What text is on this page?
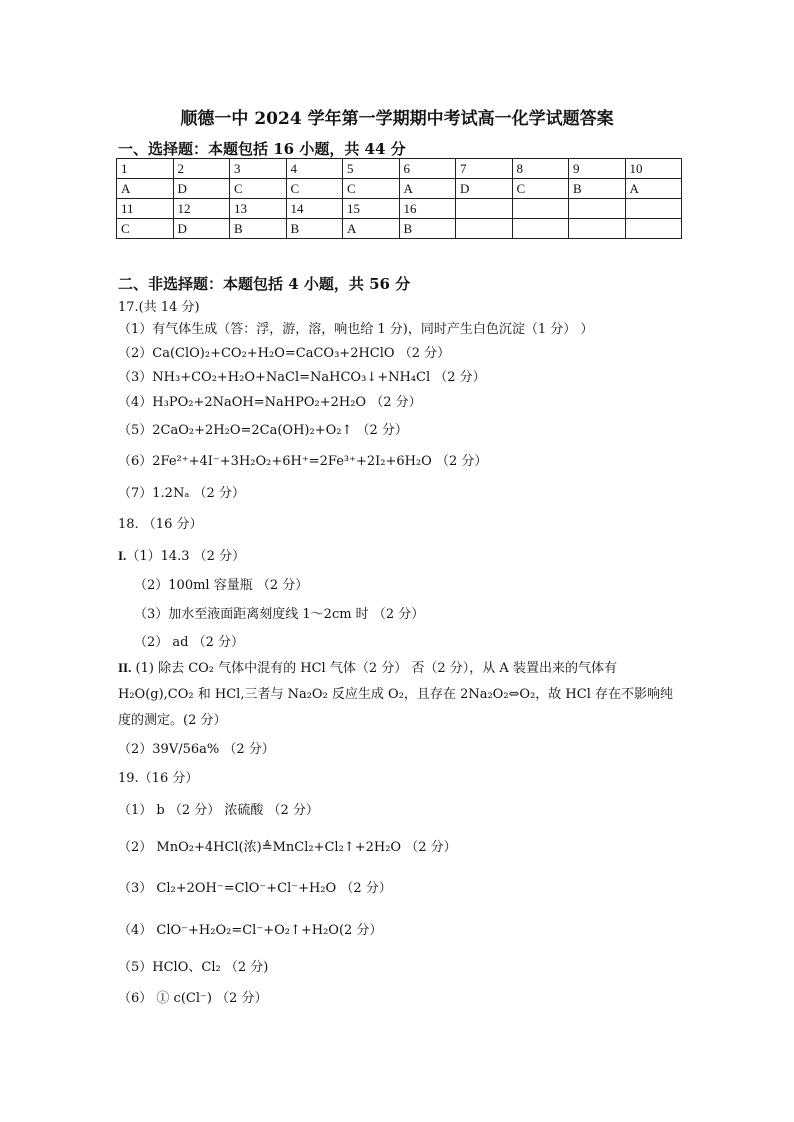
顺德一中 2024 学年第一学期期中考试高一化学试题答案
一、选择题：本题包括 16 小题，共 44 分
1	2	3	4	5	6	7	8	9	10
A	D	C	C	C	A	D	C	B	A
11	12	13	14	15	16				
C	D	B	B	A	B				
二、非选择题：本题包括 4 小题，共 56 分
17.(共 14 分)
（1）有气体生成（答：浮，游，溶，响也给 1 分)，同时产生白色沉淀（1 分） ）
（2）Ca(ClO)₂+CO₂+H₂O=CaCO₃+2HClO （2 分）
（3）NH₃+CO₂+H₂O+NaCl=NaHCO₃↓+NH₄Cl （2 分）
（4）H₃PO₂+2NaOH=NaHPO₂+2H₂O （2 分）
（5）2CaO₂+2H₂O=2Ca(OH)₂+O₂↑ （2 分）
（6）2Fe²⁺+4I⁻+3H₂O₂+6H⁺=2Fe³⁺+2I₂+6H₂O （2 分）
（7）1.2Nₐ （2 分）
18. （16 分）
I.（1）14.3 （2 分）
（2）100ml 容量瓶 （2 分）
（3）加水至液面距离刻度线 1～2cm 时 （2 分）
（2） ad （2 分）
II. (1) 除去 CO₂ 气体中混有的 HCl 气体（2 分） 否（2 分），从 A 装置出来的气体有 H₂O(g),CO₂ 和 HCl,三者与 Na₂O₂ 反应生成 O₂，且存在 2Na₂O₂⇔O₂，故 HCl 存在不影响纯度的测定。(2 分）
（2）39V/56a% （2 分）
19.（16 分）
（1） b （2 分） 浓硫酸 （2 分）
（2） MnO₂+4HCl(浓)≜MnCl₂+Cl₂↑+2H₂O （2 分）
（3） Cl₂+2OH⁻=ClO⁻+Cl⁻+H₂O （2 分）
（4） ClO⁻+H₂O₂=Cl⁻+O₂↑+H₂O(2 分）
（5）HClO、Cl₂ （2 分)
（6） ① c(Cl⁻) （2 分）
